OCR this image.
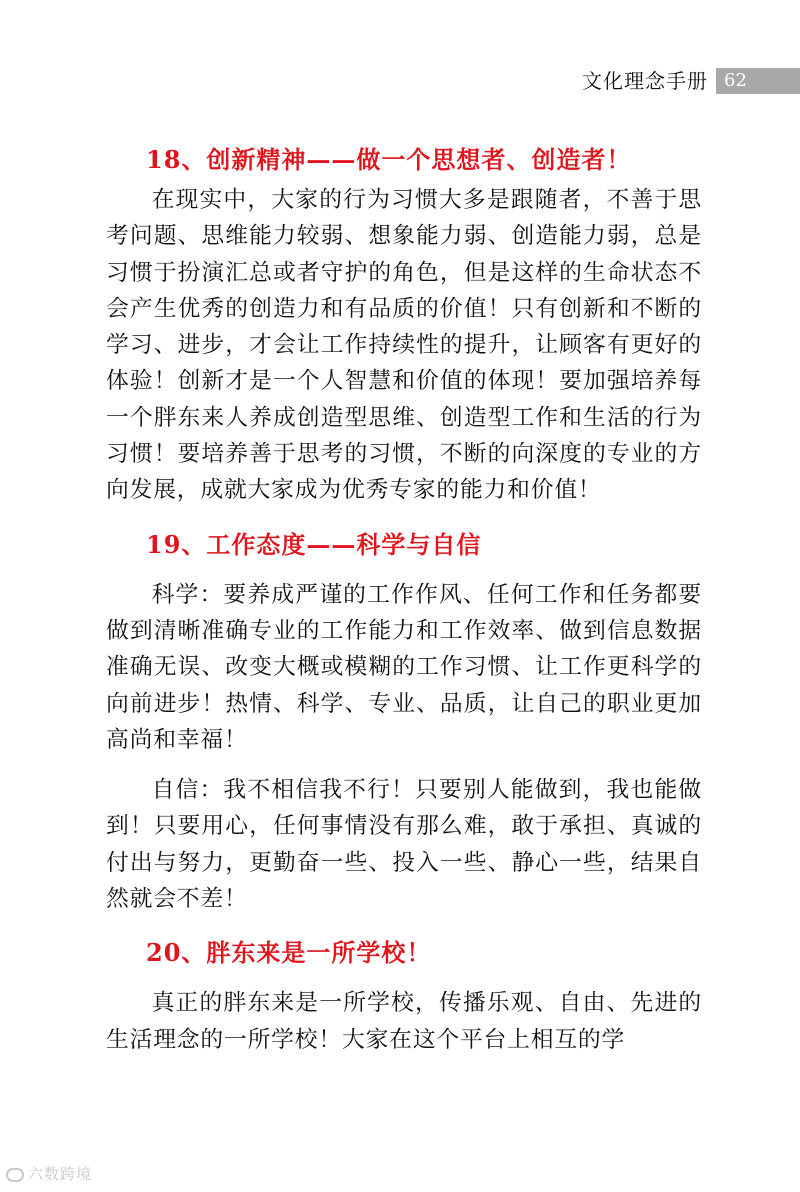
文化理念手册 62
18、创新精神——做一个思想者、创造者！

在现实中，大家的行为习惯大多是跟随者，不善于思考问题、思维能力较弱、想象能力弱、创造能力弱，总是习惯于扮演汇总或者守护的角色，但是这样的生命状态不会产生优秀的创造力和有品质的价值！只有创新和不断的学习、进步，才会让工作持续性的提升，让顾客有更好的体验！创新才是一个人智慧和价值的体现！要加强培养每一个胖东来人养成创造型思维、创造型工作和生活的行为习惯！要培养善于思考的习惯，不断的向深度的专业的方向发展，成就大家成为优秀专家的能力和价值！

19、工作态度——科学与自信

科学：要养成严谨的工作作风、任何工作和任务都要做到清晰准确专业的工作能力和工作效率、做到信息数据准确无误、改变大概或模糊的工作习惯、让工作更科学的向前进步！热情、科学、专业、品质，让自己的职业更加高尚和幸福！

自信：我不相信我不行！只要别人能做到，我也能做到！只要用心，任何事情没有那么难，敢于承担、真诚的付出与努力，更勤奋一些、投入一些、静心一些，结果自然就会不差！

20、胖东来是一所学校！

真正的胖东来是一所学校，传播乐观、自由、先进的生活理念的一所学校！大家在这个平台上相互的学

六数跨境
